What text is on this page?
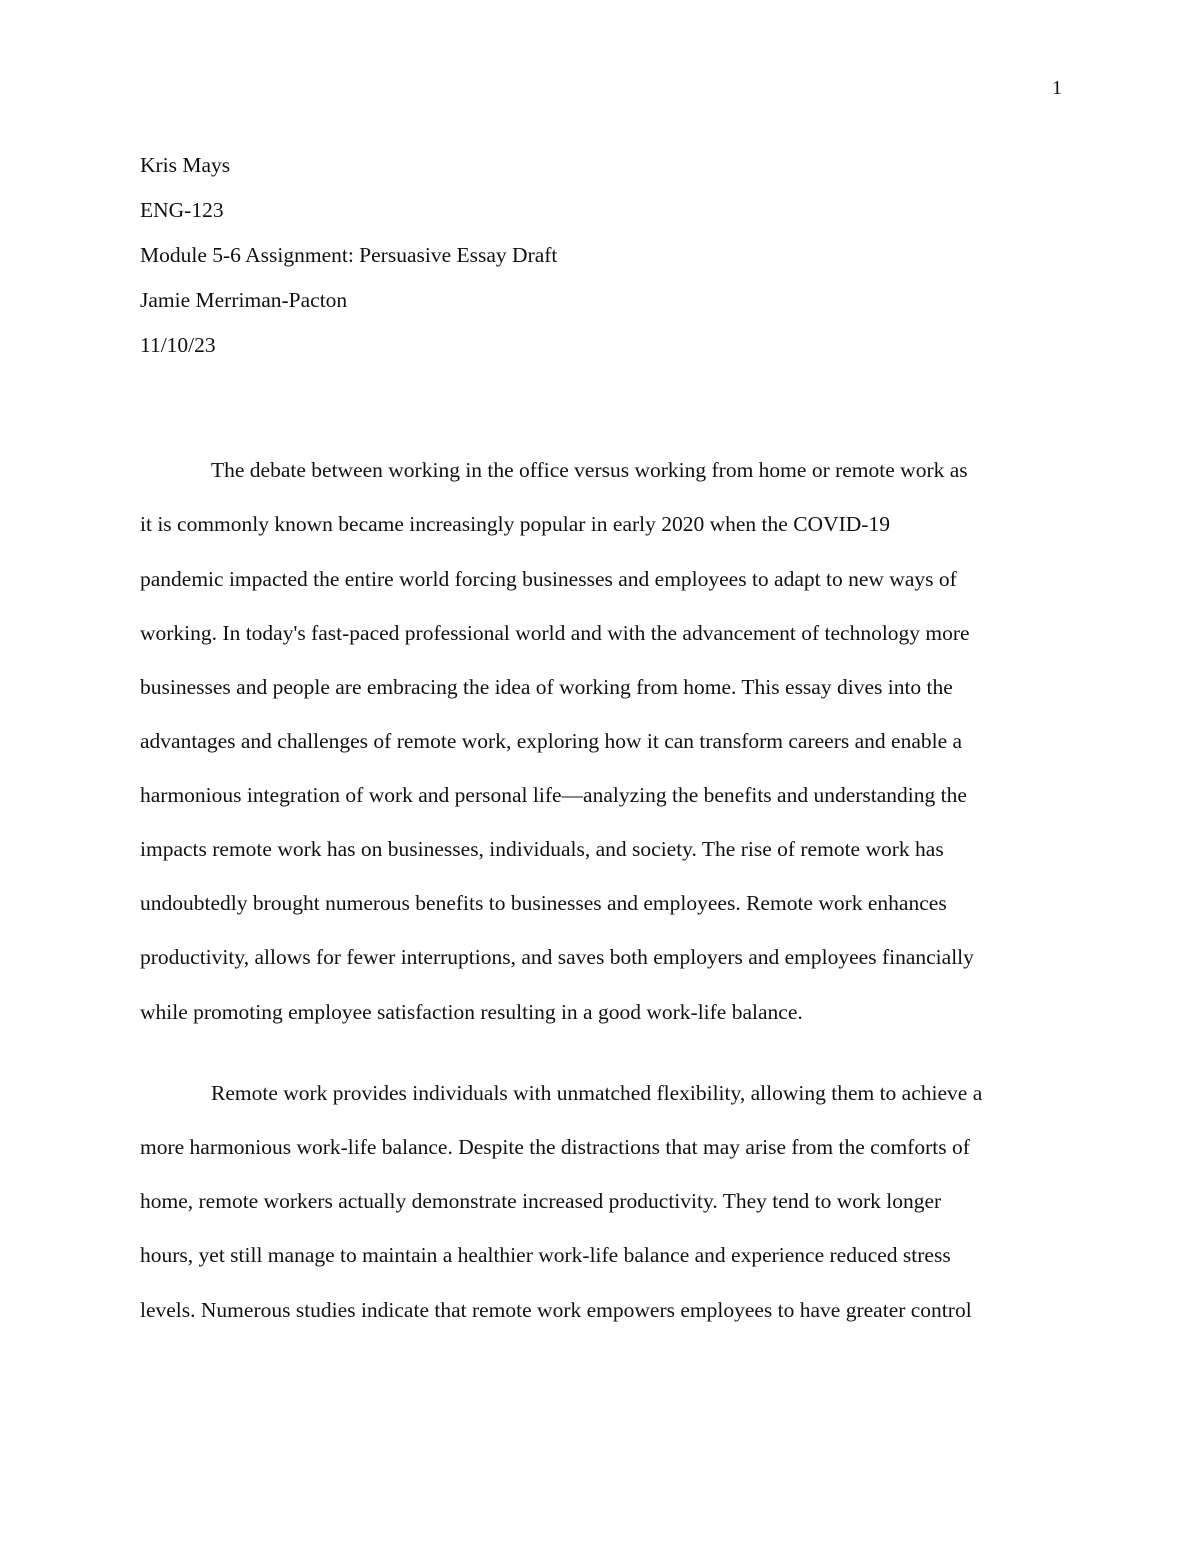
1
Kris Mays
ENG-123
Module 5-6 Assignment: Persuasive Essay Draft
Jamie Merriman-Pacton
11/10/23
The debate between working in the office versus working from home or remote work as
it is commonly known became increasingly popular in early 2020 when the COVID-19
pandemic impacted the entire world forcing businesses and employees to adapt to new ways of
working. In today's fast-paced professional world and with the advancement of technology more
businesses and people are embracing the idea of working from home. This essay dives into the
advantages and challenges of remote work, exploring how it can transform careers and enable a
harmonious integration of work and personal life—analyzing the benefits and understanding the
impacts remote work has on businesses, individuals, and society. The rise of remote work has
undoubtedly brought numerous benefits to businesses and employees. Remote work enhances
productivity, allows for fewer interruptions, and saves both employers and employees financially
while promoting employee satisfaction resulting in a good work-life balance.
Remote work provides individuals with unmatched flexibility, allowing them to achieve a
more harmonious work-life balance. Despite the distractions that may arise from the comforts of
home, remote workers actually demonstrate increased productivity. They tend to work longer
hours, yet still manage to maintain a healthier work-life balance and experience reduced stress
levels. Numerous studies indicate that remote work empowers employees to have greater control
